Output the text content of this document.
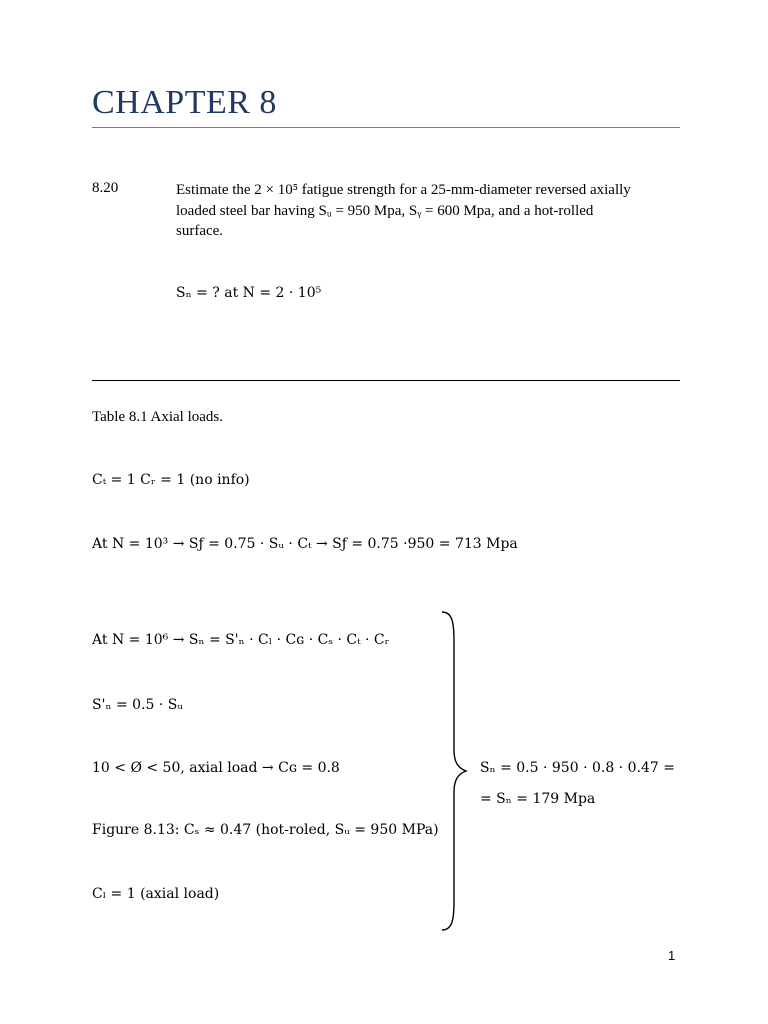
CHAPTER 8
8.20	Estimate the 2 × 10⁵ fatigue strength for a 25-mm-diameter reversed axially
loaded steel bar having Sᵤ = 950 Mpa, Sᵧ = 600 Mpa, and a hot-rolled
surface.
Sₙ = ? at N = 2 · 10⁵
Table 8.1 Axial loads.
Cₜ = 1 Cᵣ = 1 (no info)
At N = 10³ → Sƒ = 0.75 · Sᵤ · Cₜ → Sƒ = 0.75 ·950 = 713 Mpa
At N = 10⁶ → Sₙ = S'ₙ · Cₗ · Cɢ · Cₛ · Cₜ · Cᵣ
S'ₙ = 0.5 · Sᵤ
10 < Ø < 50, axial load → Cɢ = 0.8
Figure 8.13: Cₛ ≈ 0.47 (hot-roled, Sᵤ = 950 MPa)
Cₗ = 1 (axial load)
Sₙ = 0.5 · 950 · 0.8 · 0.47 =
= Sₙ = 179 Mpa
1
